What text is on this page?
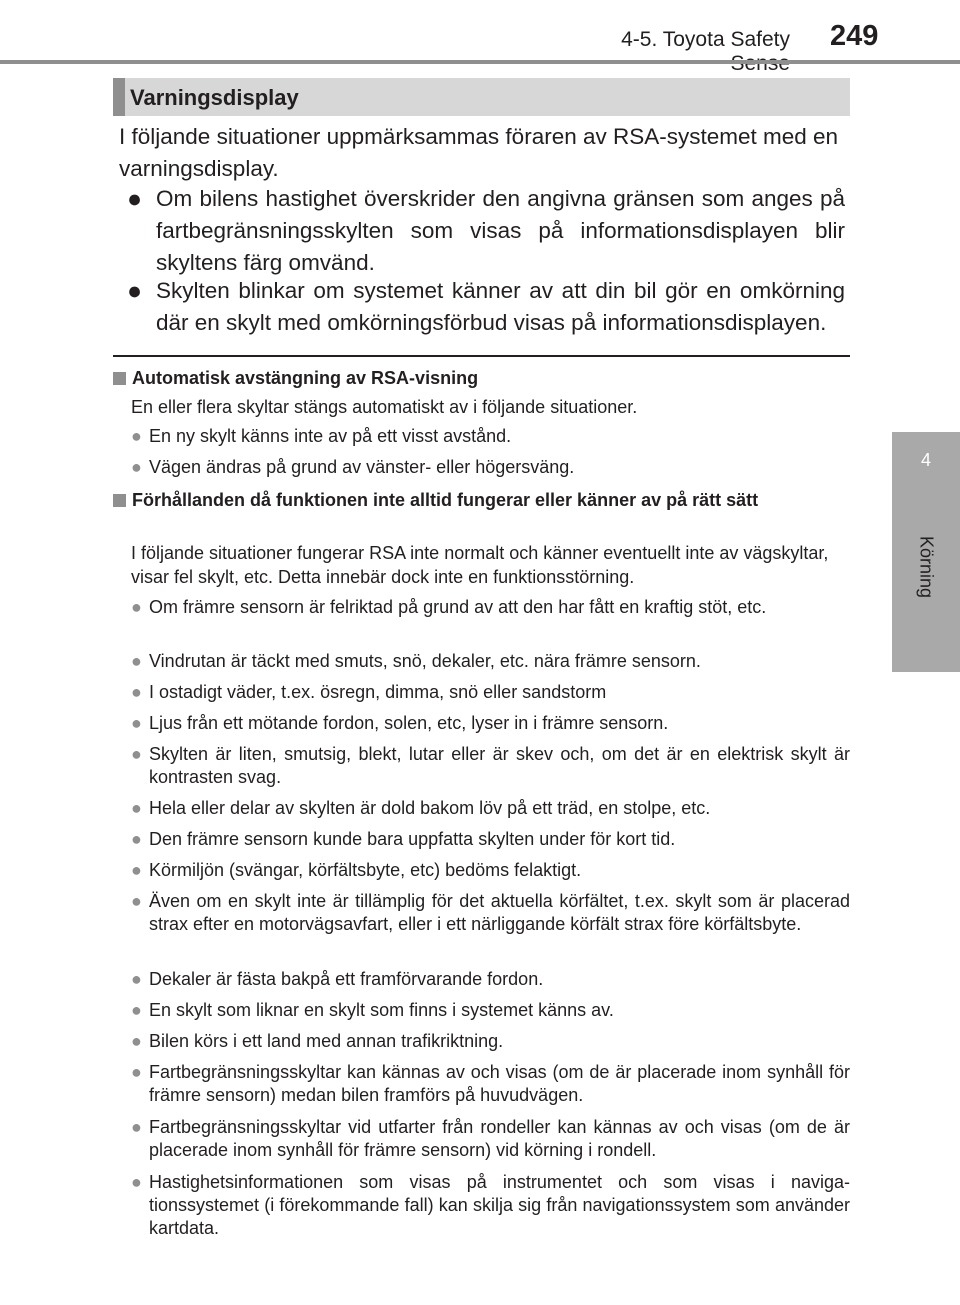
4-5. Toyota Safety 249
4
Körning
Varningsdisplay
I följande situationer uppmärksammas föraren av RSA-systemet med en varningsdisplay.
● Om bilens hastighet överskrider den angivna gränsen som anges på fartbegränsningsskylten som visas på informationsdisplayen blir skyltens färg omvänd.
● Skylten blinkar om systemet känner av att din bil gör en omkörning där en skylt med omkörningsförbud visas på informationsdisplayen.
Automatisk avstängning av RSA-visning
En eller flera skyltar stängs automatiskt av i följande situationer.
● En ny skylt känns inte av på ett visst avstånd.
● Vägen ändras på grund av vänster- eller högersväng.
Förhållanden då funktionen inte alltid fungerar eller känner av på rätt sätt
I följande situationer fungerar RSA inte normalt och känner eventuellt inte av vägskyltar, visar fel skylt, etc. Detta innebär dock inte en funktionsstörning.
● Om främre sensorn är felriktad på grund av att den har fått en kraftig stöt, etc.
● Vindrutan är täckt med smuts, snö, dekaler, etc. nära främre sensorn.
● I ostadigt väder, t.ex. ösregn, dimma, snö eller sandstorm
● Ljus från ett mötande fordon, solen, etc, lyser in i främre sensorn.
● Skylten är liten, smutsig, blekt, lutar eller är skev och, om det är en elektrisk skylt är kontrasten svag.
● Hela eller delar av skylten är dold bakom löv på ett träd, en stolpe, etc.
● Den främre sensorn kunde bara uppfatta skylten under för kort tid.
● Körmiljön (svängar, körfältsbyte, etc) bedöms felaktigt.
● Även om en skylt inte är tillämplig för det aktuella körfältet, t.ex. skylt som är placerad strax efter en motorvägsavfart, eller i ett närliggande körfält strax före körfältsbyte.
● Dekaler är fästa bakpå ett framförvarande fordon.
● En skylt som liknar en skylt som finns i systemet känns av.
● Bilen körs i ett land med annan trafikriktning.
● Fartbegränsningsskyltar kan kännas av och visas (om de är placerade inom synhåll för främre sensorn) medan bilen framförs på huvudvägen.
● Fartbegränsningsskyltar vid utfarter från rondeller kan kännas av och visas (om de är placerade inom synhåll för främre sensorn) vid körning i rondell.
● Hastighetsinformationen som visas på instrumentet och som visas i naviga-tionssystemet (i förekommande fall) kan skilja sig från navigationssystem som använder kartdata.
